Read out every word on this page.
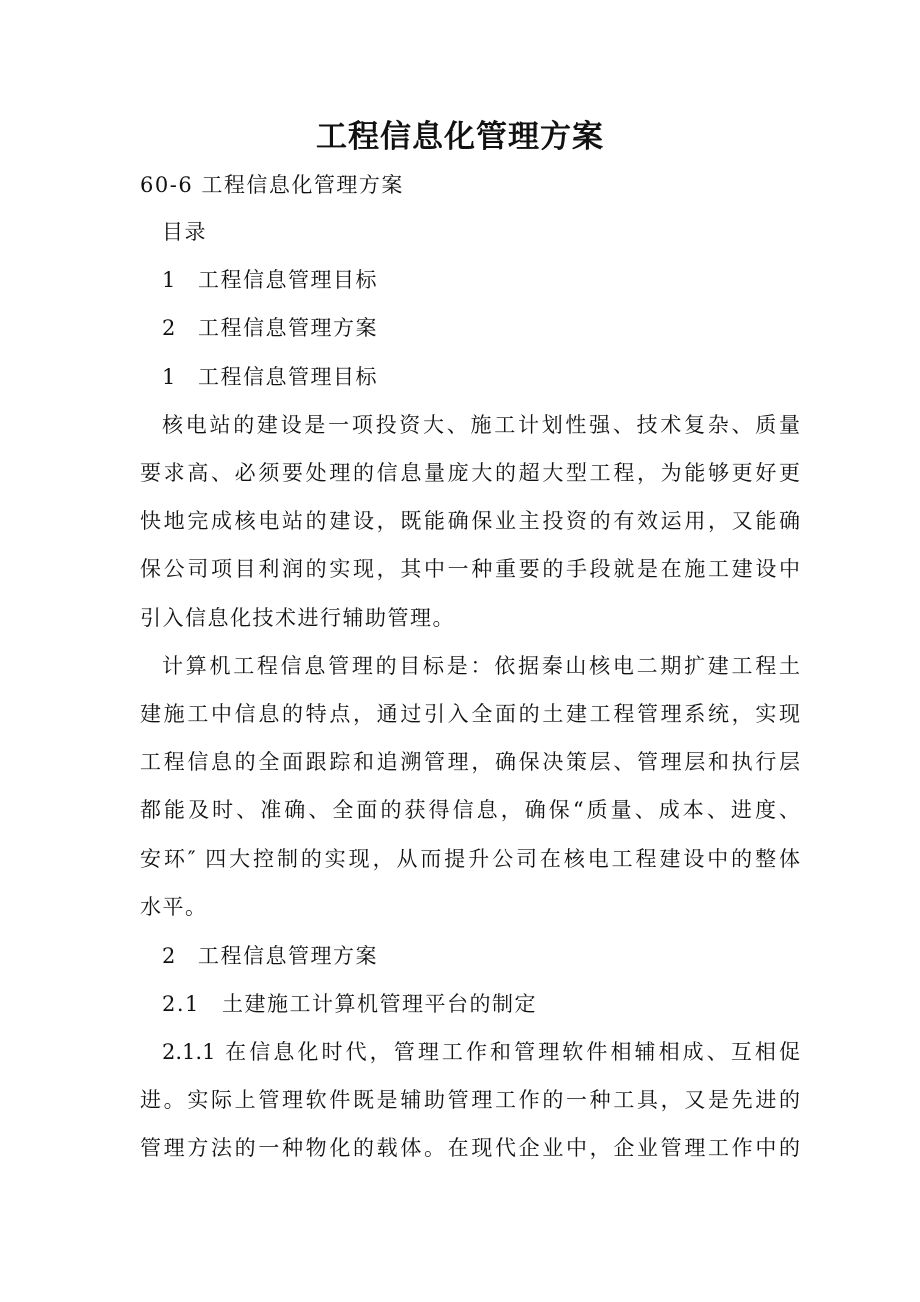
工程信息化管理方案

60-6 工程信息化管理方案

目录

1 工程信息管理目标

2 工程信息管理方案

1 工程信息管理目标

核电站的建设是一项投资大、施工计划性强、技术复杂、质量

要求高、必须要处理的信息量庞大的超大型工程，为能够更好更

快地完成核电站的建设，既能确保业主投资的有效运用，又能确

保公司项目利润的实现，其中一种重要的手段就是在施工建设中

引入信息化技术进行辅助管理。

计算机工程信息管理的目标是：依据秦山核电二期扩建工程土

建施工中信息的特点，通过引入全面的土建工程管理系统，实现

工程信息的全面跟踪和追溯管理，确保决策层、管理层和执行层

都能及时、准确、全面的获得信息，确保“质量、成本、进度、

安环″ 四大控制的实现，从而提升公司在核电工程建设中的整体

水平。

2 工程信息管理方案

2.1 土建施工计算机管理平台的制定

2.1.1 在信息化时代，管理工作和管理软件相辅相成、互相促

进。实际上管理软件既是辅助管理工作的一种工具，又是先进的

管理方法的一种物化的载体。在现代企业中，企业管理工作中的
